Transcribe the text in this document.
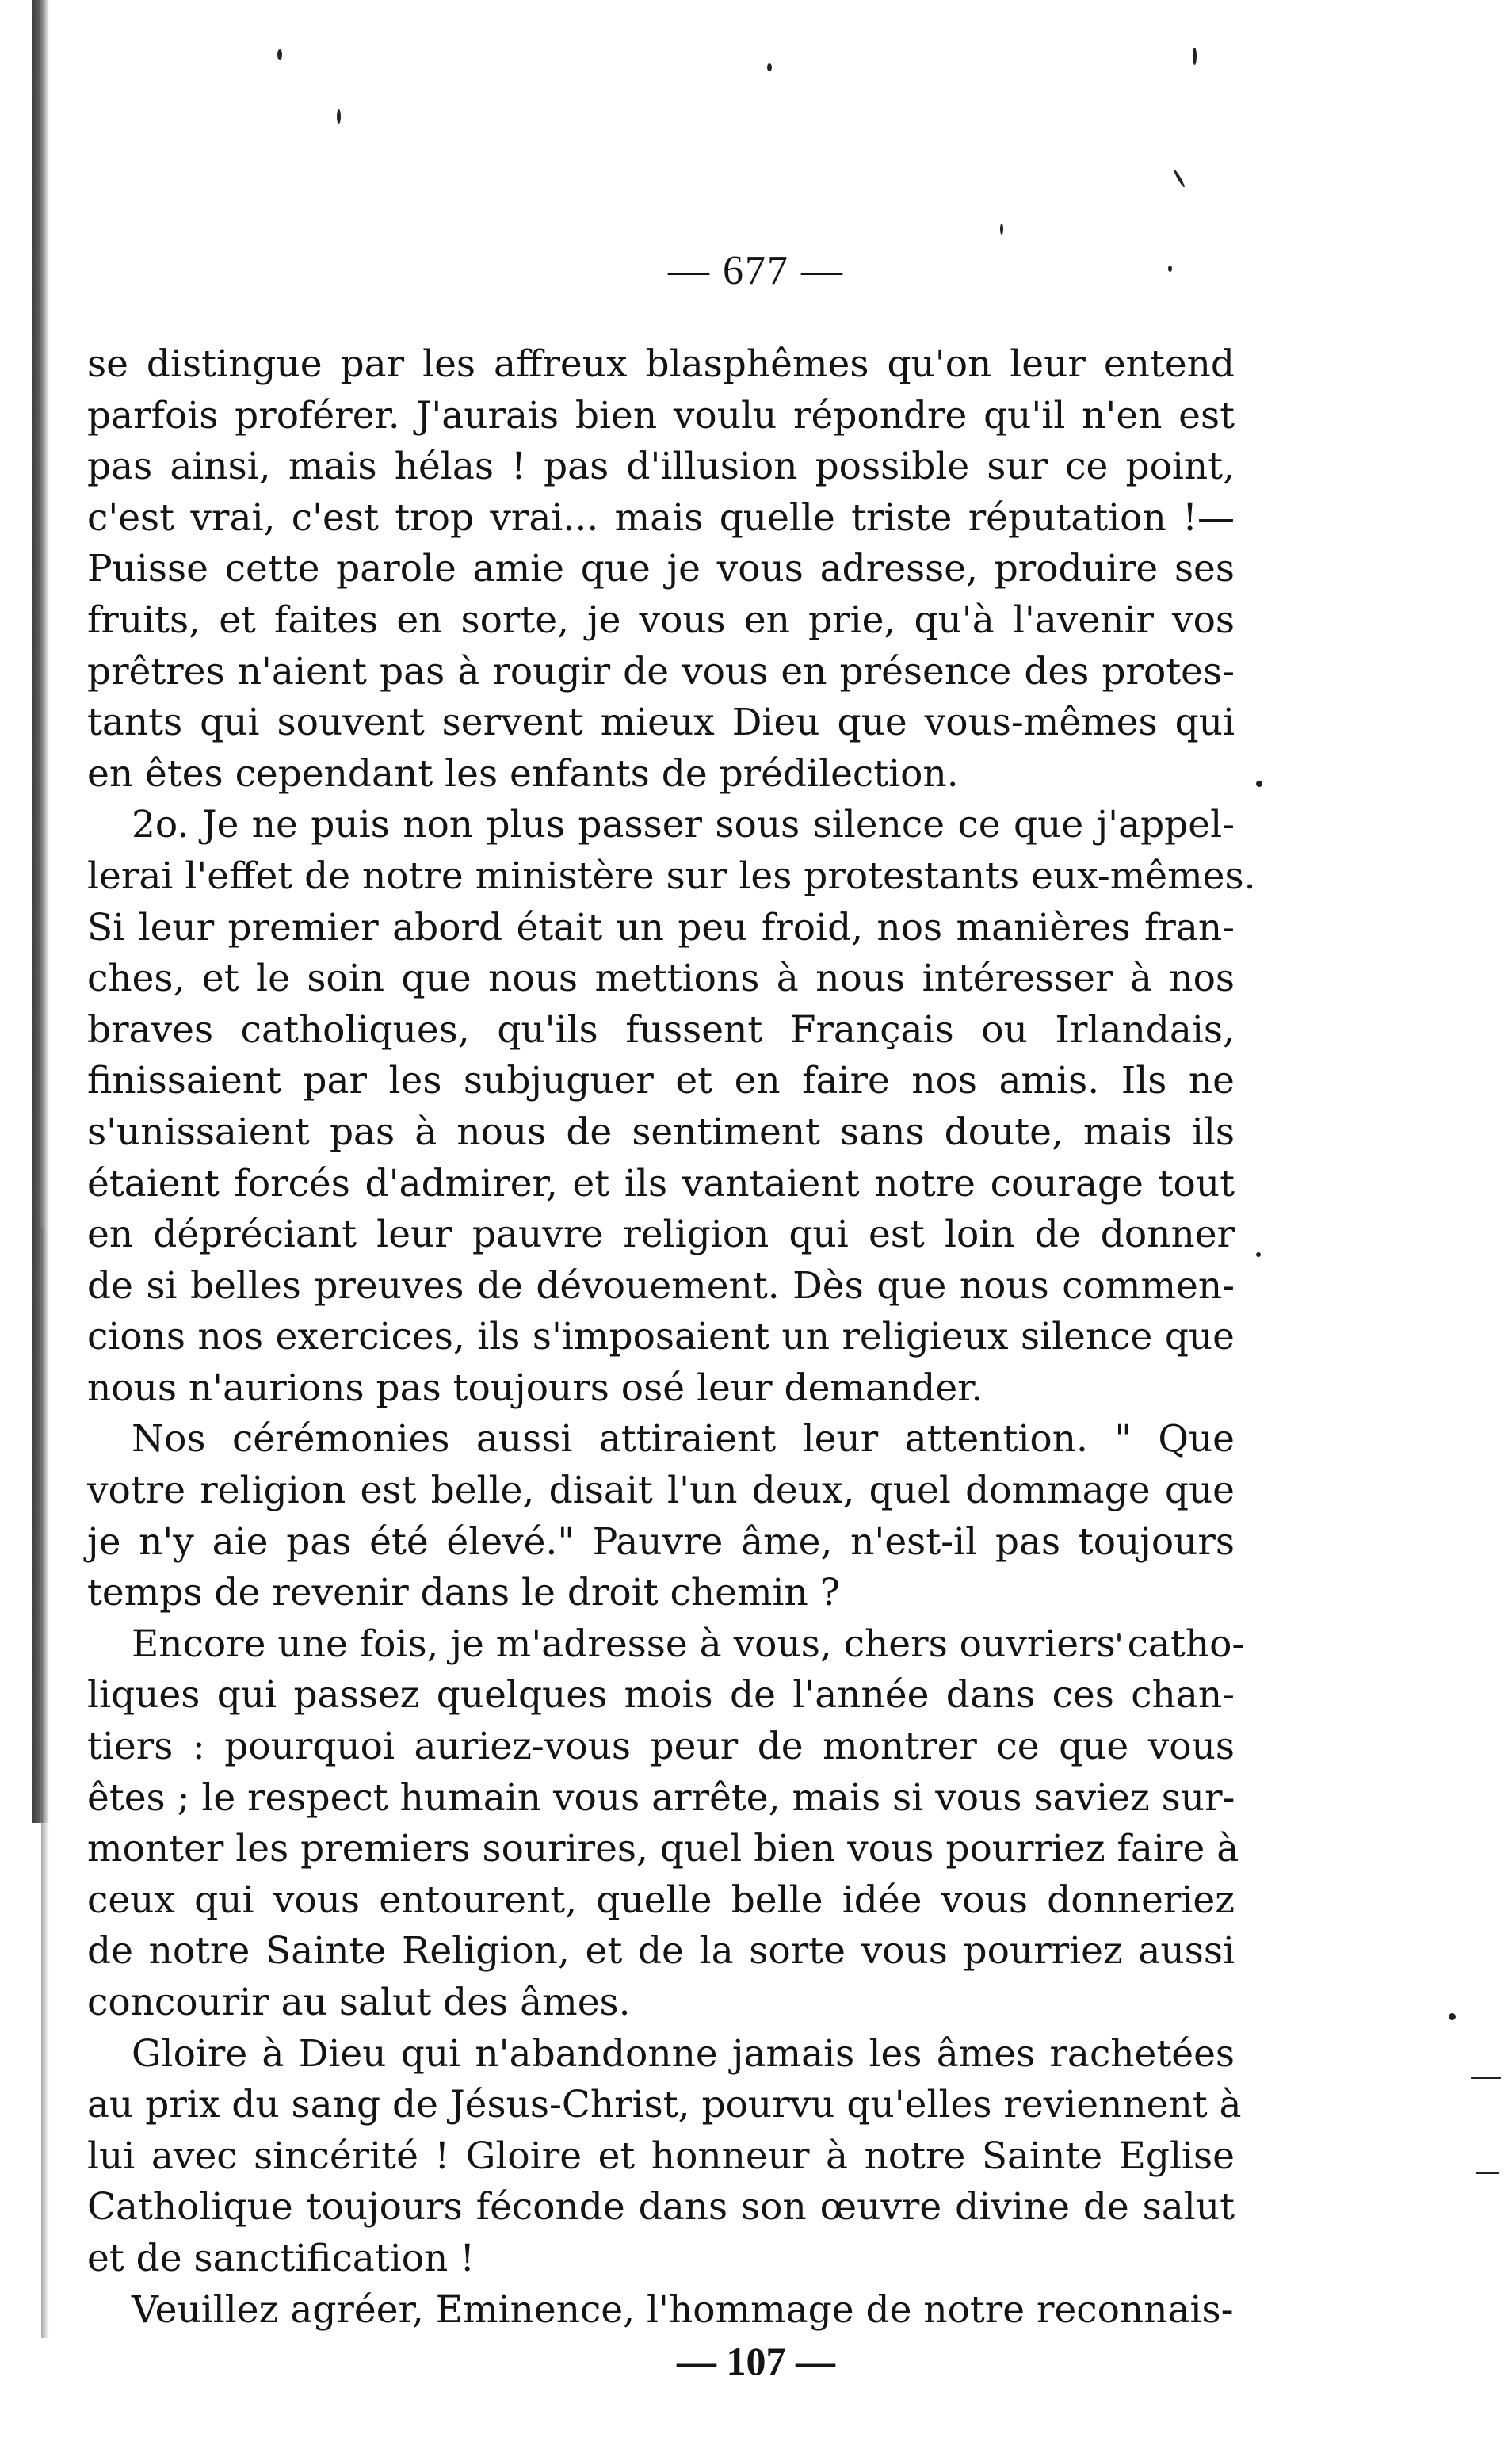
— 677 —
se distingue par les affreux blasphêmes qu'on leur entend
parfois proférer. J'aurais bien voulu répondre qu'il n'en est
pas ainsi, mais hélas ! pas d'illusion possible sur ce point,
c'est vrai, c'est trop vrai... mais quelle triste réputation !—
Puisse cette parole amie que je vous adresse, produire ses
fruits, et faites en sorte, je vous en prie, qu'à l'avenir vos
prêtres n'aient pas à rougir de vous en présence des protes-
tants qui souvent servent mieux Dieu que vous-mêmes qui
en êtes cependant les enfants de prédilection.
2o. Je ne puis non plus passer sous silence ce que j'appel-
lerai l'effet de notre ministère sur les protestants eux-mêmes.
Si leur premier abord était un peu froid, nos manières fran-
ches, et le soin que nous mettions à nous intéresser à nos
braves catholiques, qu'ils fussent Français ou Irlandais,
finissaient par les subjuguer et en faire nos amis. Ils ne
s'unissaient pas à nous de sentiment sans doute, mais ils
étaient forcés d'admirer, et ils vantaient notre courage tout
en dépréciant leur pauvre religion qui est loin de donner
de si belles preuves de dévouement. Dès que nous commen-
cions nos exercices, ils s'imposaient un religieux silence que
nous n'aurions pas toujours osé leur demander.
Nos cérémonies aussi attiraient leur attention. " Que
votre religion est belle, disait l'un deux, quel dommage que
je n'y aie pas été élevé." Pauvre âme, n'est-il pas toujours
temps de revenir dans le droit chemin ?
Encore une fois, je m'adresse à vous, chers ouvriers catho-
liques qui passez quelques mois de l'année dans ces chan-
tiers : pourquoi auriez-vous peur de montrer ce que vous
êtes ; le respect humain vous arrête, mais si vous saviez sur-
monter les premiers sourires, quel bien vous pourriez faire à
ceux qui vous entourent, quelle belle idée vous donneriez
de notre Sainte Religion, et de la sorte vous pourriez aussi
concourir au salut des âmes.
Gloire à Dieu qui n'abandonne jamais les âmes rachetées
au prix du sang de Jésus-Christ, pourvu qu'elles reviennent à
lui avec sincérité ! Gloire et honneur à notre Sainte Eglise
Catholique toujours féconde dans son œuvre divine de salut
et de sanctification !
Veuillez agréer, Eminence, l'hommage de notre reconnais-
— 107 —
